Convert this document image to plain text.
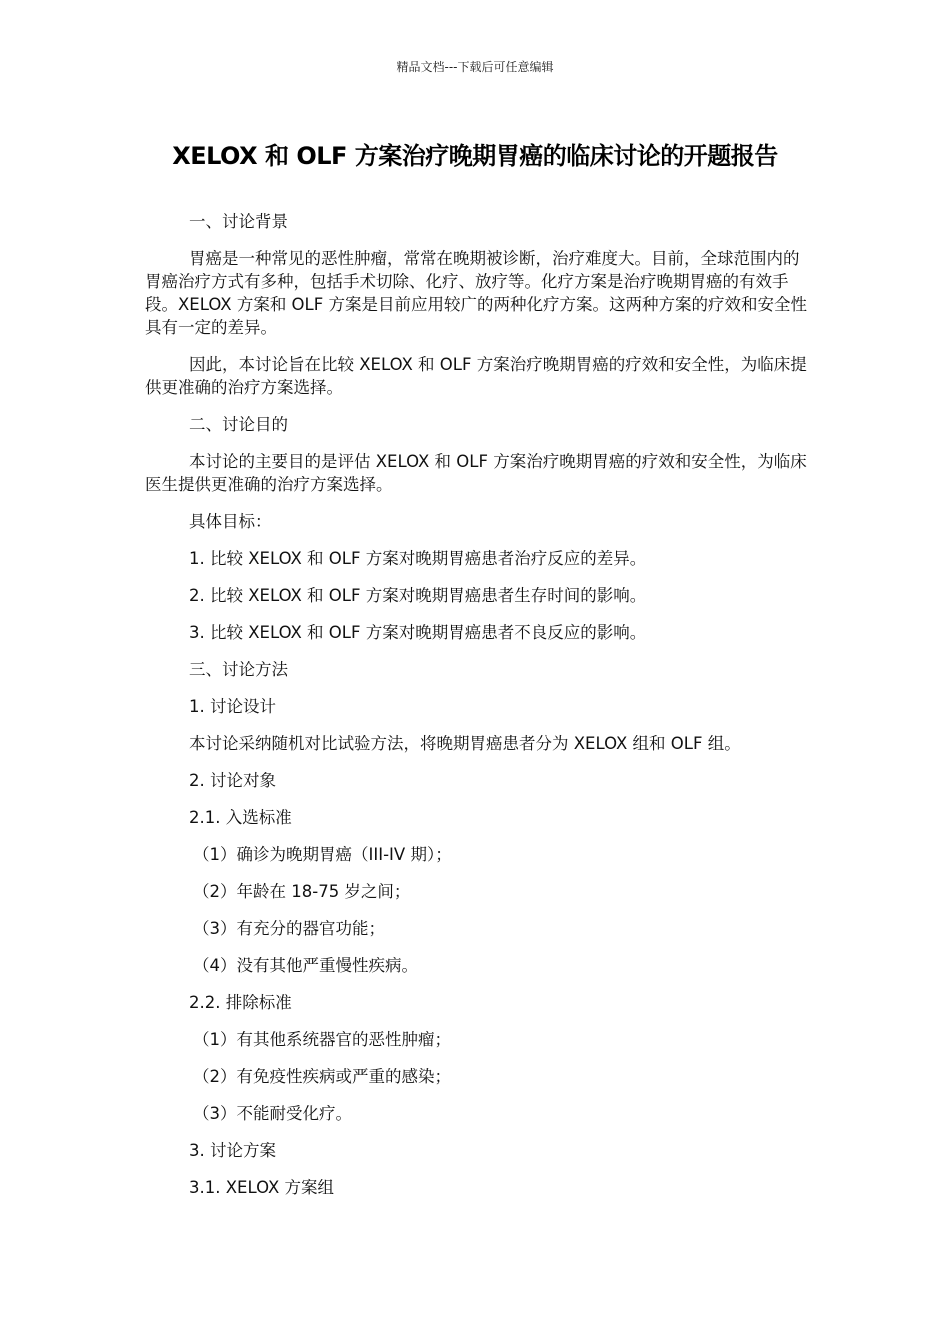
精品文档---下载后可任意编辑
XELOX 和 OLF 方案治疗晚期胃癌的临床讨论的开题报告
一、讨论背景

胃癌是一种常见的恶性肿瘤，常常在晚期被诊断，治疗难度大。目前，全球范围内的胃癌治疗方式有多种，包括手术切除、化疗、放疗等。化疗方案是治疗晚期胃癌的有效手段。XELOX 方案和 OLF 方案是目前应用较广的两种化疗方案。这两种方案的疗效和安全性具有一定的差异。

因此，本讨论旨在比较 XELOX 和 OLF 方案治疗晚期胃癌的疗效和安全性，为临床提供更准确的治疗方案选择。

二、讨论目的

本讨论的主要目的是评估 XELOX 和 OLF 方案治疗晚期胃癌的疗效和安全性，为临床医生提供更准确的治疗方案选择。

具体目标：
1. 比较 XELOX 和 OLF 方案对晚期胃癌患者治疗反应的差异。
2. 比较 XELOX 和 OLF 方案对晚期胃癌患者生存时间的影响。
3. 比较 XELOX 和 OLF 方案对晚期胃癌患者不良反应的影响。
三、讨论方法
1. 讨论设计
本讨论采纳随机对比试验方法，将晚期胃癌患者分为 XELOX 组和 OLF 组。
2. 讨论对象
2.1. 入选标准
（1）确诊为晚期胃癌（III-IV 期）；
（2）年龄在 18-75 岁之间；
（3）有充分的器官功能；
（4）没有其他严重慢性疾病。
2.2. 排除标准
（1）有其他系统器官的恶性肿瘤；
（2）有免疫性疾病或严重的感染；
（3）不能耐受化疗。
3. 讨论方案
3.1. XELOX 方案组
